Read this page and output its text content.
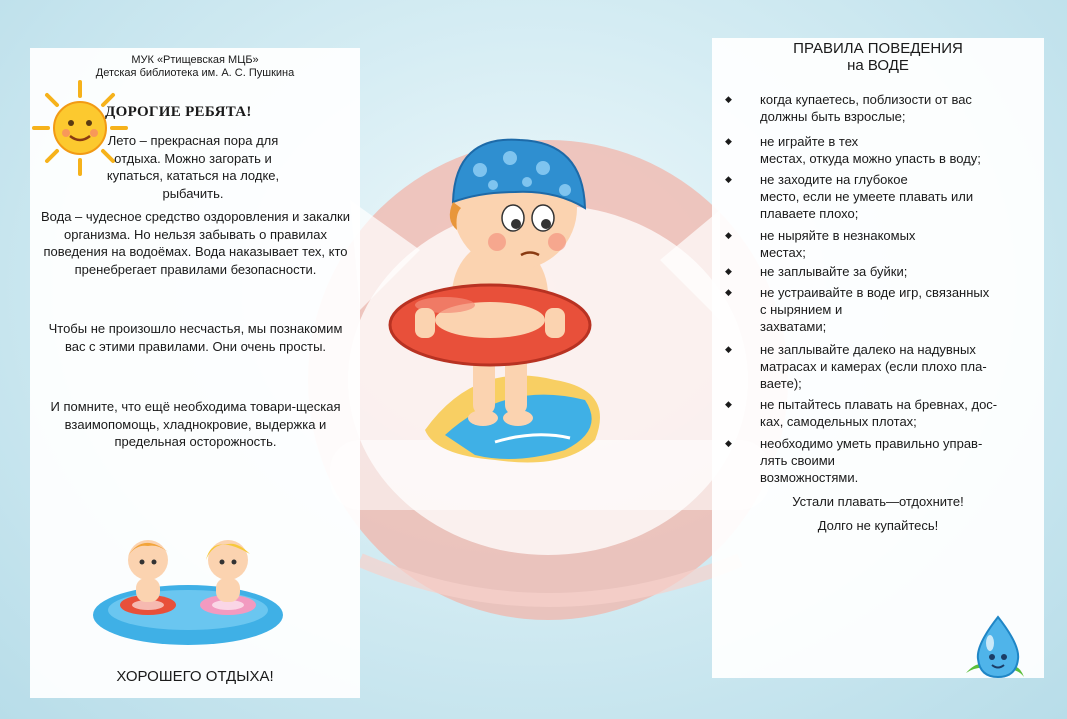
МУК «Ртищевская МЦБ»
Детская библиотека им. А. С. Пушкина
ДОРОГИЕ РЕБЯТА!
Лето – прекрасная пора для отдыха. Можно загорать и купаться, кататься на лодке, рыбачить.
Вода – чудесное средство оздоровления и закалки организма. Но нельзя забывать о правилах поведения на водоёмах. Вода наказывает тех, кто пренебрегает правилами безопасности.
Чтобы не произошло несчастья, мы познакомим вас с этими правилами. Они очень просты.
И помните, что ещё необходима товари-щеская взаимопомощь, хладнокровие, выдержка и предельная осторожность.
ХОРОШЕГО ОТДЫХА!
ПРАВИЛА ПОВЕДЕНИЯ
на ВОДЕ
◆ когда купаетесь, поблизости от вас
должны быть взрослые;
◆ не играйте в тех
местах, откуда можно упасть в воду;
◆ не заходите на глубокое
место, если не умеете плавать или
плаваете плохо;
◆ не ныряйте в незнакомых
местах;
◆ не заплывайте за буйки;
◆ не устраивайте в воде игр, связанных
с нырянием и
захватами;
◆ не заплывайте далеко на надувных
матрасах и камерах (если плохо пла-
ваете);
◆ не пытайтесь плавать на бревнах, дос-
ках, самодельных плотах;
◆ необходимо уметь правильно управ-
лять своими
возможностями.
Устали плавать—отдохните!
Долго не купайтесь!
